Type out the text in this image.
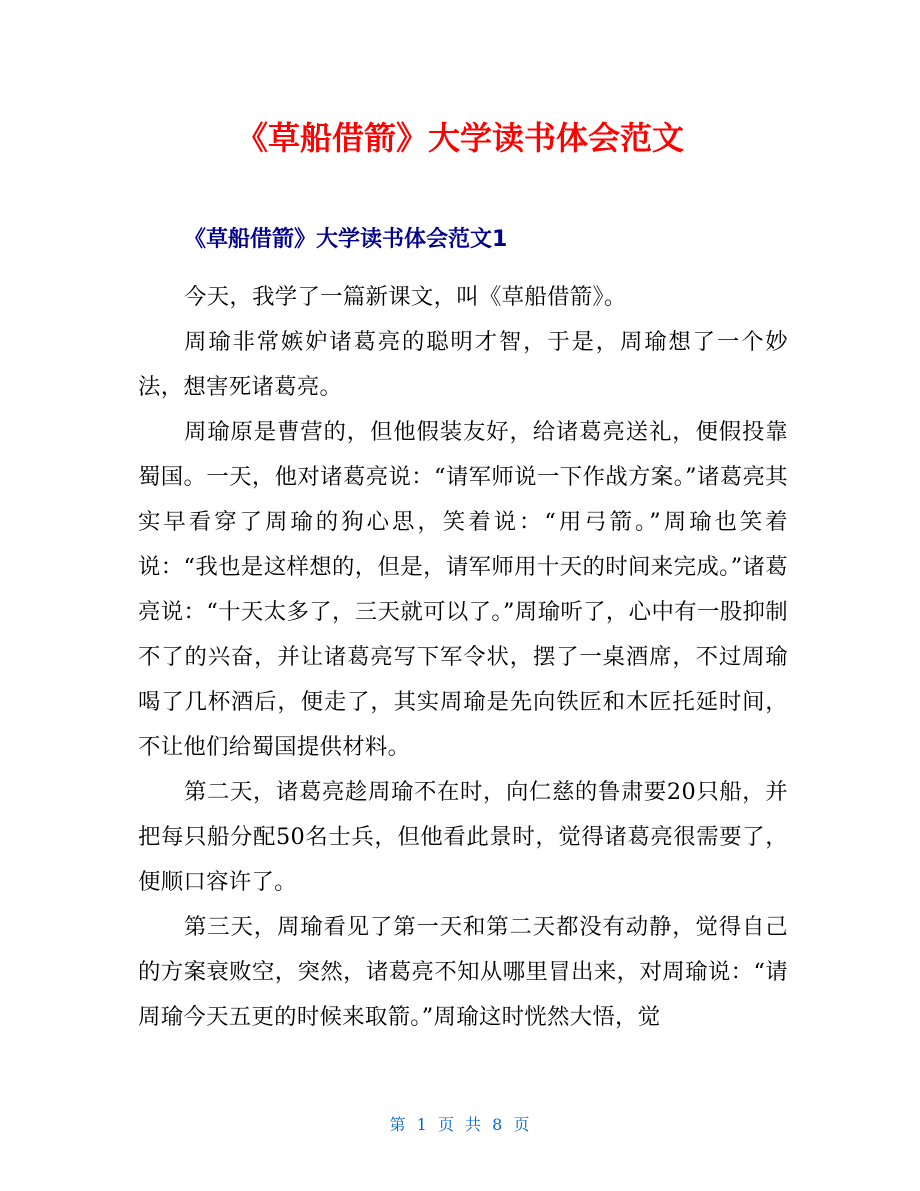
《草船借箭》大学读书体会范文
《草船借箭》大学读书体会范文1

今天，我学了一篇新课文，叫《草船借箭》。

周瑜非常嫉妒诸葛亮的聪明才智，于是，周瑜想了一个妙法，想害死诸葛亮。

周瑜原是曹营的，但他假装友好，给诸葛亮送礼，便假投靠蜀国。一天，他对诸葛亮说：“请军师说一下作战方案。”诸葛亮其实早看穿了周瑜的狗心思，笑着说：“用弓箭。”周瑜也笑着说：“我也是这样想的，但是，请军师用十天的时间来完成。”诸葛亮说：“十天太多了，三天就可以了。”周瑜听了，心中有一股抑制不了的兴奋，并让诸葛亮写下军令状，摆了一桌酒席，不过周瑜喝了几杯酒后，便走了，其实周瑜是先向铁匠和木匠托延时间，不让他们给蜀国提供材料。

第二天，诸葛亮趁周瑜不在时，向仁慈的鲁肃要20只船，并把每只船分配50名士兵，但他看此景时，觉得诸葛亮很需要了，便顺口容许了。

第三天，周瑜看见了第一天和第二天都没有动静，觉得自己的方案衰败空，突然，诸葛亮不知从哪里冒出来，对周瑜说：“请周瑜今天五更的时候来取箭。”周瑜这时恍然大悟，觉

第 1 页 共 8 页
